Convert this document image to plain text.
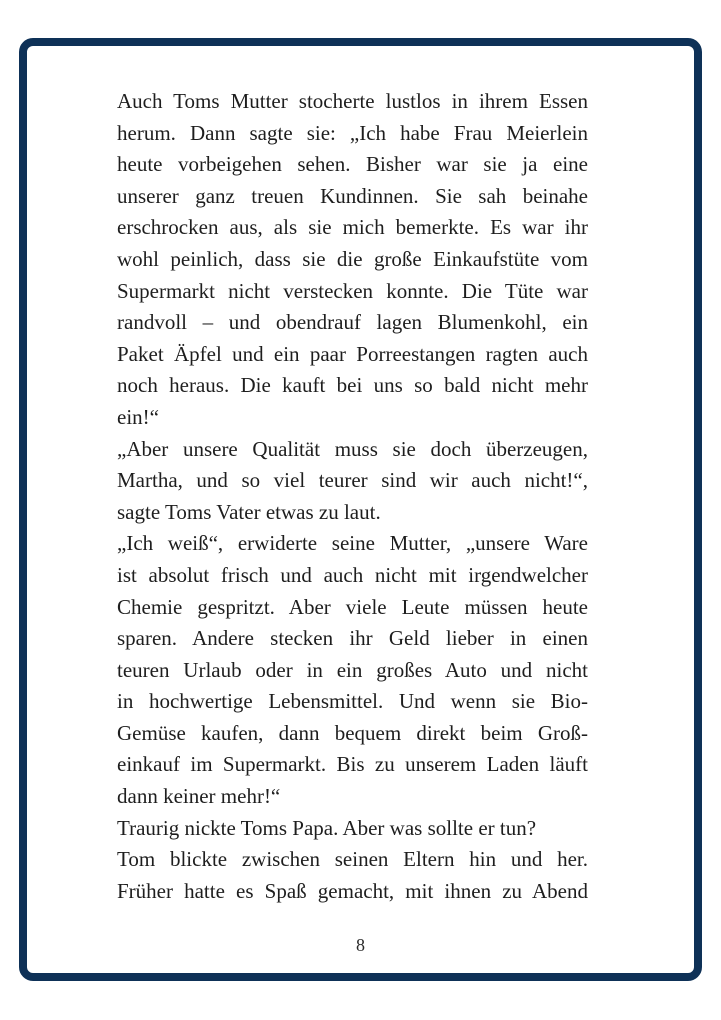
Auch Toms Mutter stocherte lustlos in ihrem Essen
herum. Dann sagte sie: „Ich habe Frau Meierlein
heute vorbeigehen sehen. Bisher war sie ja eine
unserer ganz treuen Kundinnen. Sie sah beinahe
erschrocken aus, als sie mich bemerkte. Es war ihr
wohl peinlich, dass sie die große Einkaufstüte vom
Supermarkt nicht verstecken konnte. Die Tüte war
randvoll – und obendrauf lagen Blumenkohl, ein
Paket Äpfel und ein paar Porreestangen ragten auch
noch heraus. Die kauft bei uns so bald nicht mehr
ein!“
„Aber unsere Qualität muss sie doch überzeugen,
Martha, und so viel teurer sind wir auch nicht!“,
sagte Toms Vater etwas zu laut.
„Ich weiß“, erwiderte seine Mutter, „unsere Ware
ist absolut frisch und auch nicht mit irgendwelcher
Chemie gespritzt. Aber viele Leute müssen heute
sparen. Andere stecken ihr Geld lieber in einen
teuren Urlaub oder in ein großes Auto und nicht
in hochwertige Lebensmittel. Und wenn sie Bio-
Gemüse kaufen, dann bequem direkt beim Groß-
einkauf im Supermarkt. Bis zu unserem Laden läuft
dann keiner mehr!“
Traurig nickte Toms Papa. Aber was sollte er tun?
Tom blickte zwischen seinen Eltern hin und her.
Früher hatte es Spaß gemacht, mit ihnen zu Abend
8
